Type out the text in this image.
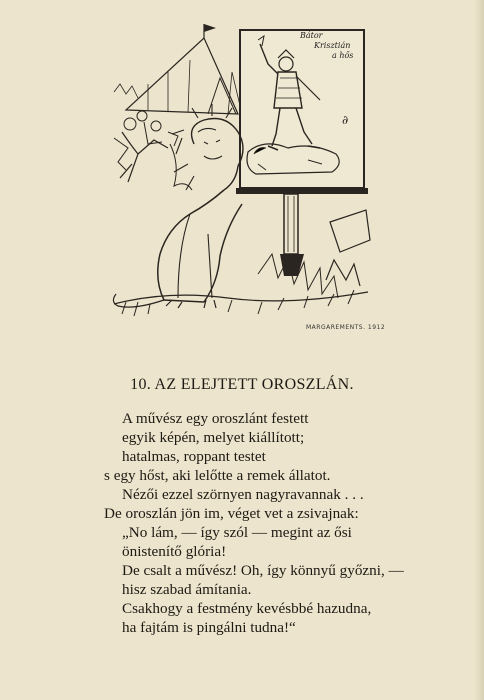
∂
Bátor
Krisztián
a hős
MARGAREMENTS. 1912
10. AZ ELEJTETT OROSZLÁN.
A művész egy oroszlánt festett
egyik képén, melyet kiállított;
hatalmas, roppant testet
s egy hőst, aki lelőtte a remek állatot.
Nézői ezzel szörnyen nagyravannak . . .
De oroszlán jön im, véget vet a zsivajnak:
„No lám, — így szól — megint az ősi
önistenítő glória!
De csalt a művész! Oh, így könnyű győzni, —
hisz szabad ámítania.
Csakhogy a festmény kevésbbé hazudna,
ha fajtám is pingálni tudna!“
